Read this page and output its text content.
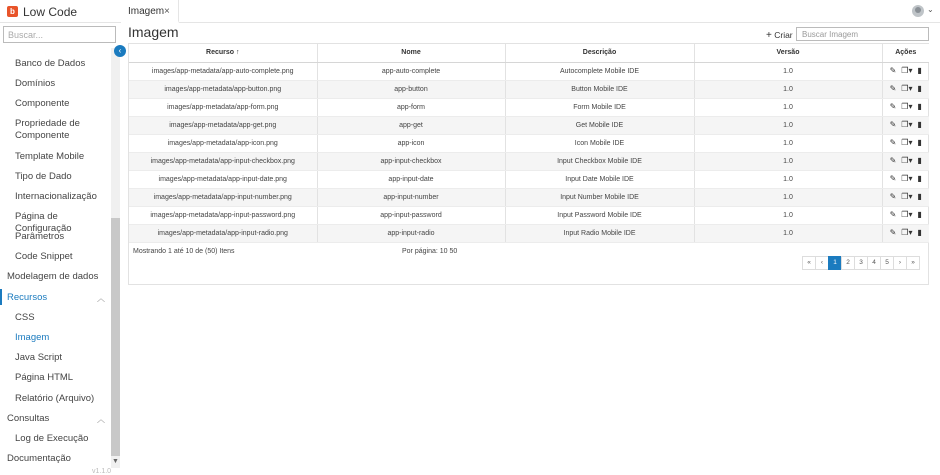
b Low Code
Buscar...
Banco de Dados
Domínios
Componente
Propriedade de
Componente
Template Mobile
Tipo de Dado
Internacionalização
Página de Configuração
Parâmetros
Code Snippet
Modelagem de dados
Recursos	︿
CSS
Imagem
Java Script
Página HTML
Relatório (Arquivo)
Consultas	︿
Log de Execução
Documentação	▼
v1.1.0
‹
Imagem ×	⌄
Imagem	+ Criar
Buscar Imagem
Recurso ↑	Nome	Descrição	Versão	Ações
images/app-metadata/app-auto-complete.png	app-auto-complete	Autocomplete Mobile IDE	1.0	✎ ❐▾ ▮

images/app-metadata/app-button.png	app-button	Button Mobile IDE	1.0	✎ ❐▾ ▮

images/app-metadata/app-form.png	app-form	Form Mobile IDE	1.0	✎ ❐▾ ▮

images/app-metadata/app-get.png	app-get	Get Mobile IDE	1.0	✎ ❐▾ ▮

images/app-metadata/app-icon.png	app-icon	Icon Mobile IDE	1.0	✎ ❐▾ ▮

images/app-metadata/app-input-checkbox.png	app-input-checkbox	Input Checkbox Mobile IDE	1.0	✎ ❐▾ ▮

images/app-metadata/app-input-date.png	app-input-date	Input Date Mobile IDE	1.0	✎ ❐▾ ▮

images/app-metadata/app-input-number.png	app-input-number	Input Number Mobile IDE	1.0	✎ ❐▾ ▮

images/app-metadata/app-input-password.png	app-input-password	Input Password Mobile IDE	1.0	✎ ❐▾ ▮

images/app-metadata/app-input-radio.png	app-input-radio	Input Radio Mobile IDE	1.0	✎ ❐▾ ▮
Mostrando 1 até 10 de (50) Itens	Por página: 10 50
«	‹	1	2	3	4	5	›	»
